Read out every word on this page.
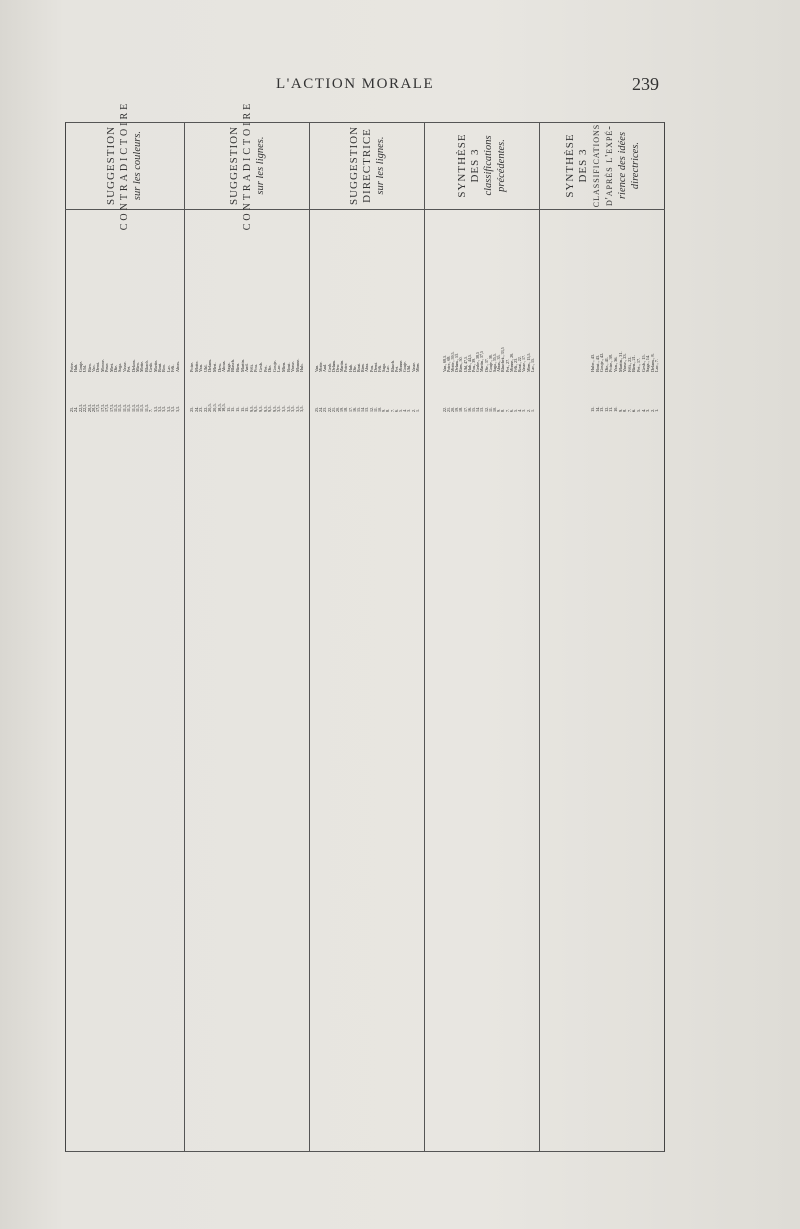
L'ACTION MORALE	239
SUGGESTION CONTRADICTOIRE sur les couleurs.
3,5.Abras.
3,5.Féli.
3,5.Lac.
3,5.Bon.
3,5.Bout.
3,5.Martin.
7.Gesb.
11,5.Blasch.
11,5.Motte.
11,5.Mien.
11,5.Delans.
11,5.Pet.
11,5.Vasse.
11,5.Saga.
11,5.Die.
17,5.Meri.
17,5.Poue.
17,5.Monne.
17,5.Demi.
20,5.Van.
20,5.Bien.
22,5.Uhl.
22,5.Gouje.
24.Hub.
25.Poire.
SUGGESTION CONTRADICTOIRE sur les lignes.
3,5.Hub.
3,5.Monne.
3,5.Vasse.
3,5.Bout.
3,5.Mien.
3,5.Lac.
9,5.Gouje.
9,5.Die.
9,5.Pet.
9,5.Gesb.
9,5.Pou.
9,5.Féli.
15.And.
15.Martin.
15.Bien.
15.Blasch.
15.Saga.
18,5.Abras.
18,5.Dew.
20,5.Meri.
20,5.Delans.
22.Uhl.
23.Van.
24.Motte.
25.Poire.
SUGGESTION DIRECTRICE sur les lignes.
1.Mien.
2.Vasse.
3.Uhl.
4.Gouje.
5.Monne.
6.Pet.
7.Blasch.
8.Lac.
9.Saga.
10.Féli.
11.Demi.
12.Pou.
13.Abra.
14.Bien.
15.Bout.
16.Die.
17.Hub.
18.Poire.
19.Martin.
20.Dew.
21.Delans.
22.Gesb.
23.And.
24.Motte.
25.Van.
SYNTHÈSE DES 3 classifications précédentes.
1.Lac., 15.
2.Mien., 15,5.
3.Vasse., 17.
4.Bout., 22.
5.Féli., 23.
6.Monne., 26.
7.Pet., 27.
8.Blaschek., 33,5
9.Abras., 35.
10.Saga., 35,5.
11.Gouje., 36.
12.Die., 37.
13.Martin., 37,5
14.Gesbe., 38,5
15.Pou., 39.
16.Hub., 44,5.
17.Uhl, 47,5.
18.Bien., 50.
19.Delans., 53.
20.Motte., 59,5.
21.Poire., 68.
22.Van., 68,5.
SYNTHÈSE DES 3 classifications d'après l'expé- rience des idées directrices.
1.Lac., 7.
2.Delans., 8.
3.Saga., 14.
4.Gesb., 15.
5.Pet., 17.
6.Bien., 21.
7.Féli., 22.
8.Vasse., 23.
9.Martin., 31.
10.Van., 36.
11.Poire., 38.
12.Die., 41.
13.Gouje., 42.
14.Bout., 43.
15.Hube., 43.
